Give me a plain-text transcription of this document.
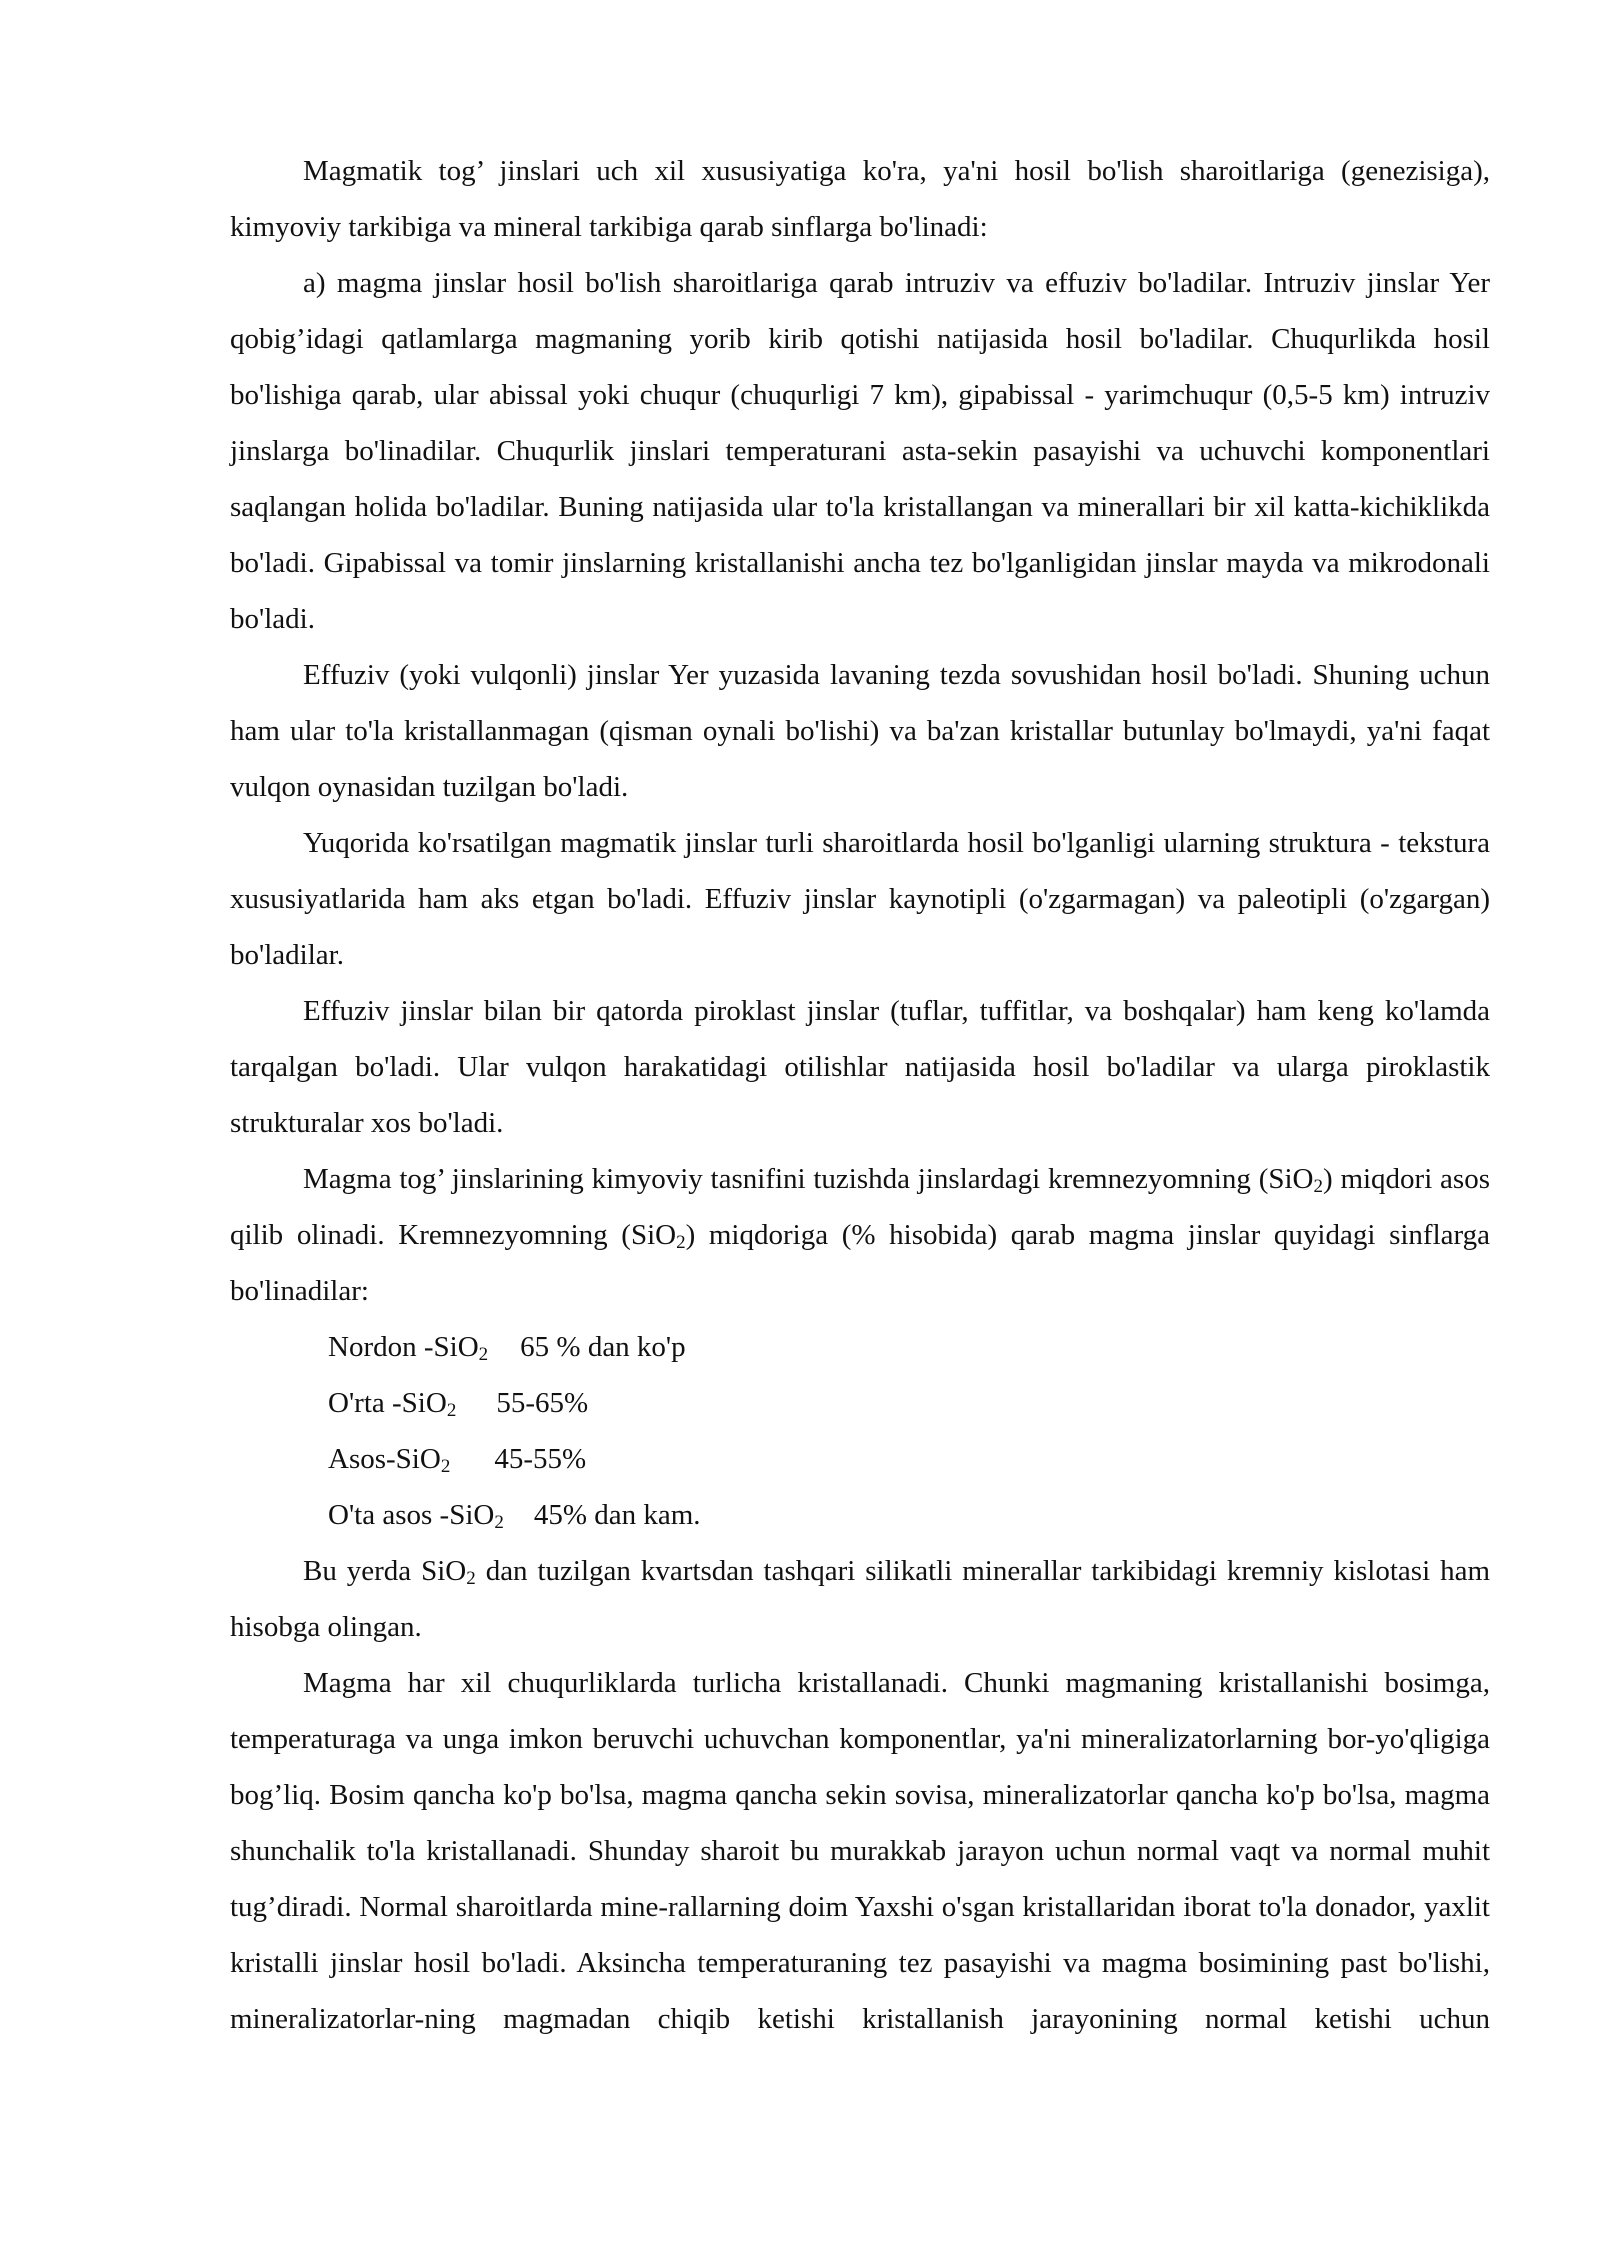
Magmatik tog’ jinslari uch xil xususiyatiga ko'ra, ya'ni hosil bo'lish sharoitlariga (genezisiga), kimyoviy tarkibiga va mineral tarkibiga qarab sinflarga bo'linadi:

a) magma jinslar hosil bo'lish sharoitlariga qarab intruziv va effuziv bo'ladilar. Intruziv jinslar Yer qobig’idagi qatlamlarga magmaning yorib kirib qotishi natijasida hosil bo'ladilar. Chuqurlikda hosil bo'lishiga qarab, ular abissal yoki chuqur (chuqurligi 7 km), gipabissal - yarimchuqur (0,5-5 km) intruziv jinslarga bo'linadilar. Chuqurlik jinslari temperaturani asta-sekin pasayishi va uchuvchi komponentlari saqlangan holida bo'ladilar. Buning natijasida ular to'la kristallangan va minerallari bir xil katta-kichiklikda bo'ladi. Gipabissal va tomir jinslarning kristallanishi ancha tez bo'lganligidan jinslar mayda va mikrodonali bo'ladi.

Effuziv (yoki vulqonli) jinslar Yer yuzasida lavaning tezda sovushidan hosil bo'ladi. Shuning uchun ham ular to'la kristallanmagan (qisman oynali bo'lishi) va ba'zan kristallar butunlay bo'lmaydi, ya'ni faqat vulqon oynasidan tuzilgan bo'ladi.

Yuqorida ko'rsatilgan magmatik jinslar turli sharoitlarda hosil bo'lganligi ularning struktura - tekstura xususiyatlarida ham aks etgan bo'ladi. Effuziv jinslar kaynotipli (o'zgarmagan) va paleotipli (o'zgargan) bo'ladilar.

Effuziv jinslar bilan bir qatorda piroklast jinslar (tuflar, tuffitlar, va boshqalar) ham keng ko'lamda tarqalgan bo'ladi. Ular vulqon harakatidagi otilishlar natijasida hosil bo'ladilar va ularga piroklastik strukturalar xos bo'ladi.

Magma tog’ jinslarining kimyoviy tasnifini tuzishda jinslardagi kremnezyomning (SiO$_2$) miqdori asos qilib olinadi. Kremnezyomning (SiO$_2$) miqdoriga (% hisobida) qarab magma jinslar quyidagi sinflarga bo'linadilar:

Nordon -SiO$_2$ 65 % dan ko'p
O'rta -SiO$_2$ 55-65%
Asos-SiO$_2$ 45-55%
O'ta asos -SiO$_2$ 45% dan kam.

Bu yerda SiO$_2$ dan tuzilgan kvartsdan tashqari silikatli minerallar tarkibidagi kremniy kislotasi ham hisobga olingan.

Magma har xil chuqurliklarda turlicha kristallanadi. Chunki magmaning kristallanishi bosimga, temperaturaga va unga imkon beruvchi uchuvchan komponentlar, ya'ni mineralizatorlarning bor-yo'qligiga bog’liq. Bosim qancha ko'p bo'lsa, magma qancha sekin sovisa, mineralizatorlar qancha ko'p bo'lsa, magma shunchalik to'la kristallanadi. Shunday sharoit bu murakkab jarayon uchun normal vaqt va normal muhit tug’diradi. Normal sharoitlarda mine-rallarning doim Yaxshi o'sgan kristallaridan iborat to'la donador, yaxlit kristalli jinslar hosil bo'ladi. Aksincha temperaturaning tez pasayishi va magma bosimining past bo'lishi, mineralizatorlar-ning magmadan chiqib ketishi kristallanish jarayonining normal ketishi uchun
